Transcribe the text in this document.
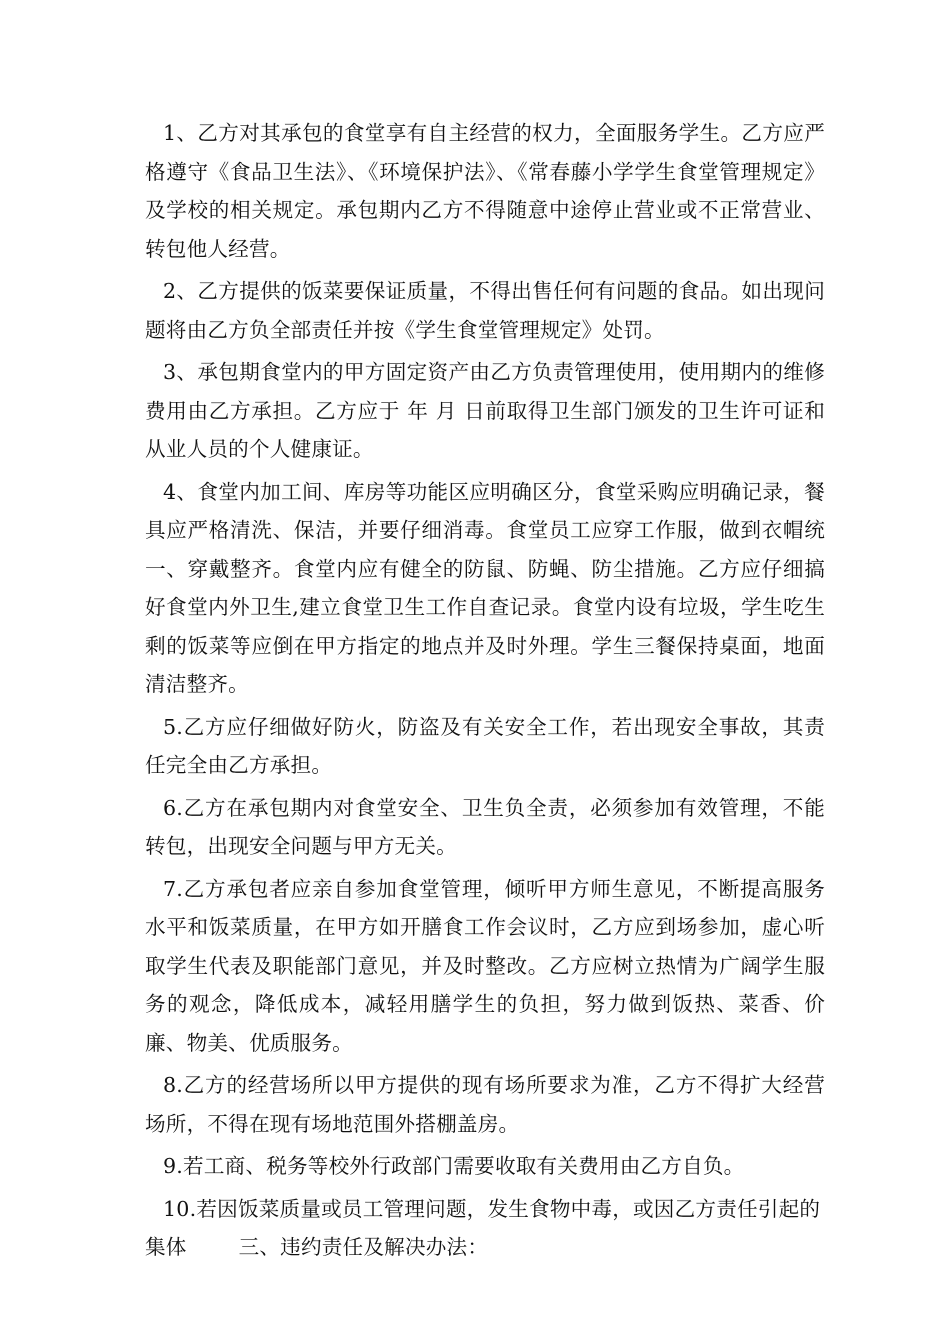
1、乙方对其承包的食堂享有自主经营的权力，全面服务学生。乙方应严格遵守《食品卫生法》、《环境保护法》、《常春藤小学学生食堂管理规定》及学校的相关规定。承包期内乙方不得随意中途停止营业或不正常营业、转包他人经营。

2、乙方提供的饭菜要保证质量，不得出售任何有问题的食品。如出现问题将由乙方负全部责任并按《学生食堂管理规定》处罚。

3、承包期食堂内的甲方固定资产由乙方负责管理使用，使用期内的维修费用由乙方承担。乙方应于 年 月 日前取得卫生部门颁发的卫生许可证和从业人员的个人健康证。

4、食堂内加工间、库房等功能区应明确区分，食堂采购应明确记录，餐具应严格清洗、保洁，并要仔细消毒。食堂员工应穿工作服，做到衣帽统一、穿戴整齐。食堂内应有健全的防鼠、防蝇、防尘措施。乙方应仔细搞好食堂内外卫生,建立食堂卫生工作自查记录。食堂内设有垃圾，学生吃生剩的饭菜等应倒在甲方指定的地点并及时外理。学生三餐保持桌面，地面清洁整齐。

5.乙方应仔细做好防火，防盗及有关安全工作，若出现安全事故，其责任完全由乙方承担。

6.乙方在承包期内对食堂安全、卫生负全责，必须参加有效管理，不能转包，出现安全问题与甲方无关。

7.乙方承包者应亲自参加食堂管理，倾听甲方师生意见，不断提高服务水平和饭菜质量，在甲方如开膳食工作会议时，乙方应到场参加，虚心听取学生代表及职能部门意见，并及时整改。乙方应树立热情为广阔学生服务的观念，降低成本，减轻用膳学生的负担，努力做到饭热、菜香、价廉、物美、优质服务。

8.乙方的经营场所以甲方提供的现有场所要求为准，乙方不得扩大经营场所，不得在现有场地范围外搭棚盖房。

9.若工商、税务等校外行政部门需要收取有关费用由乙方自负。

10.若因饭菜质量或员工管理问题，发生食物中毒，或因乙方责任引起的集体	三、违约责任及解决办法：
